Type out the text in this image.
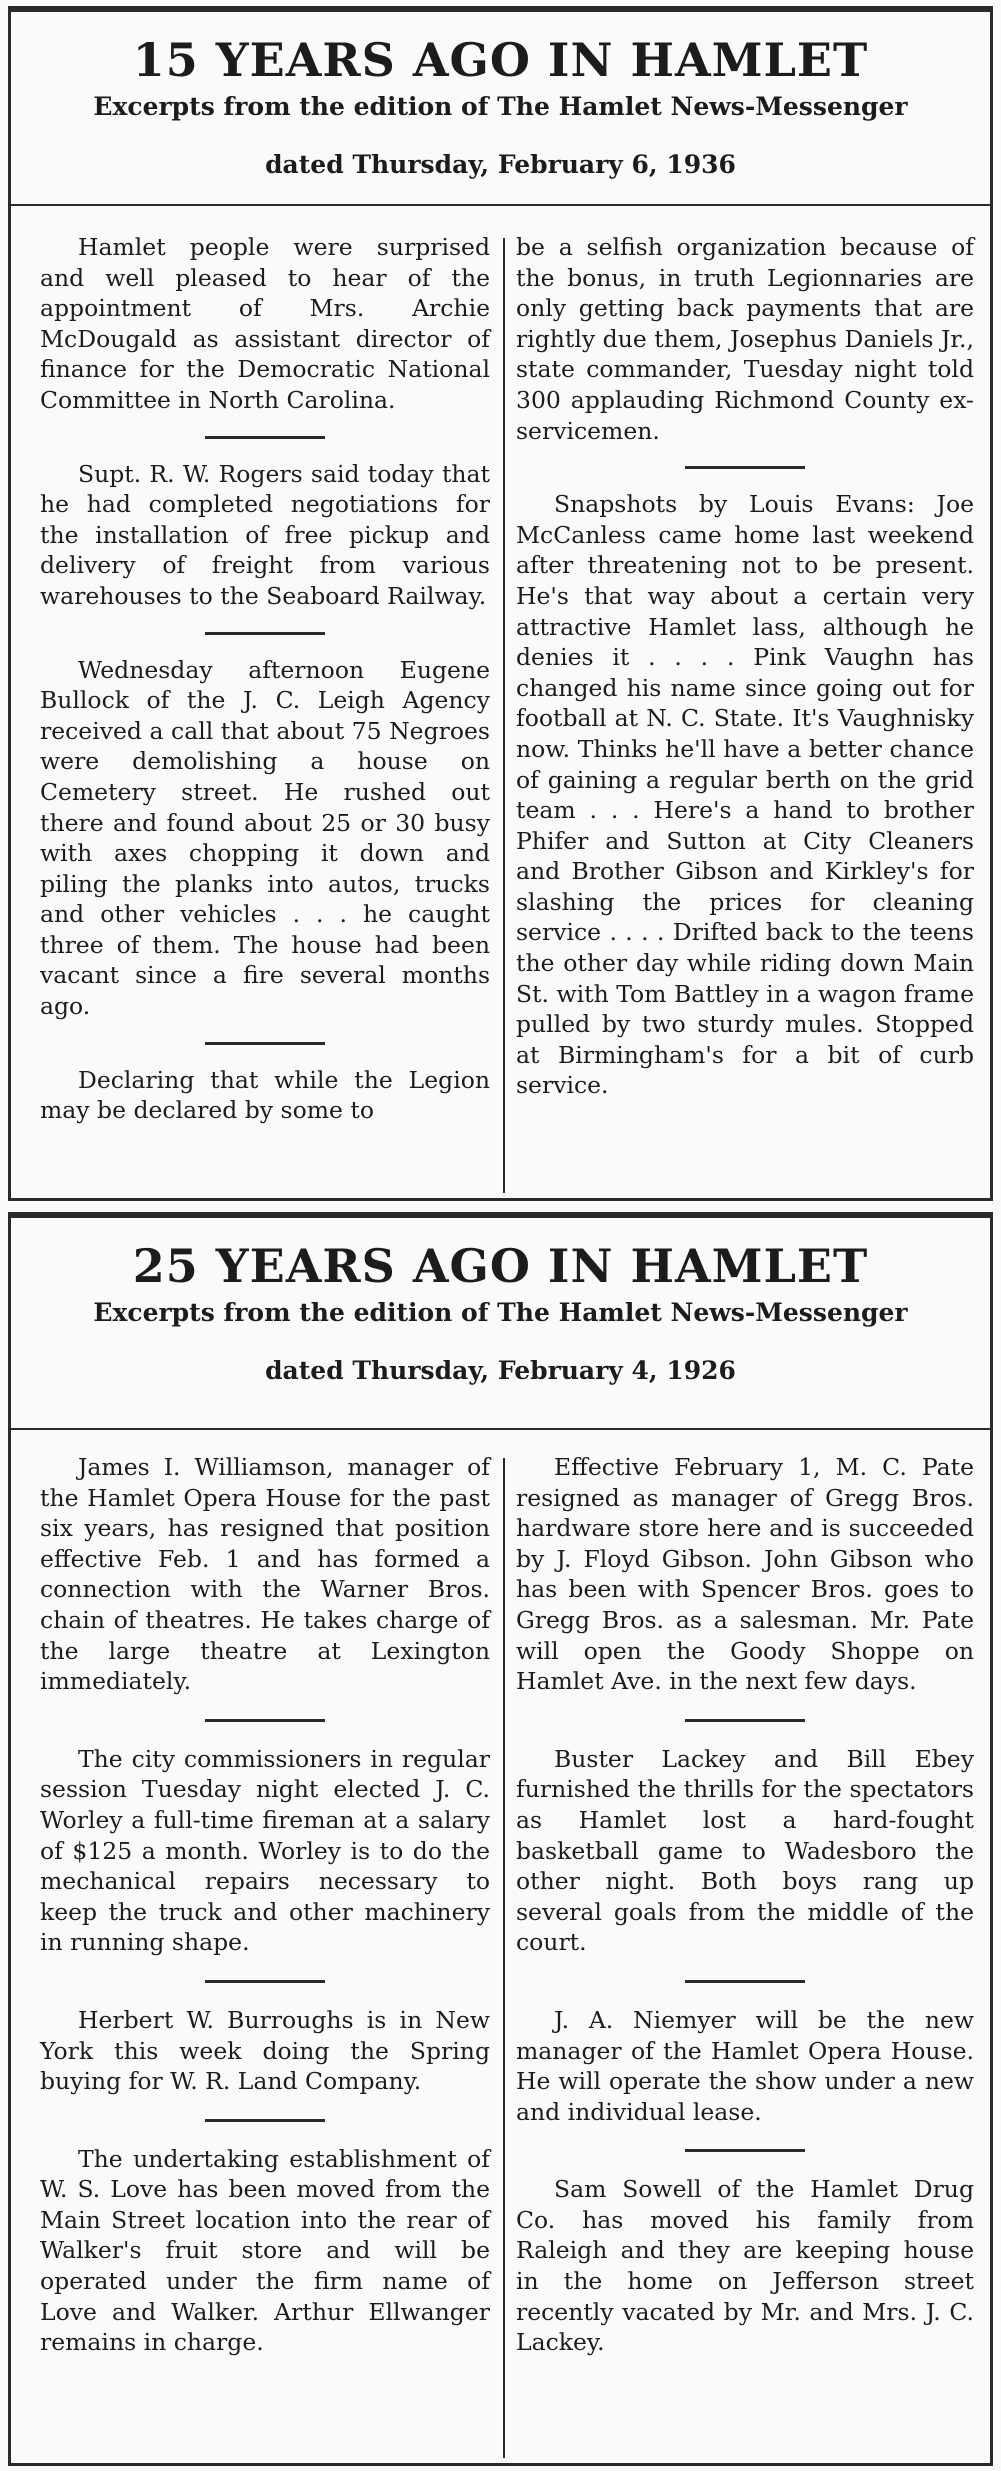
15 YEARS AGO IN HAMLET
Excerpts from the edition of The Hamlet News-Messenger
dated Thursday, February 6, 1936

Hamlet people were surprised and well pleased to hear of the appointment of Mrs. Archie McDougald as assistant director of finance for the Democratic National Committee in North Carolina.

Supt. R. W. Rogers said today that he had completed negotiations for the installation of free pickup and delivery of freight from various warehouses to the Seaboard Railway.

Wednesday afternoon Eugene Bullock of the J. C. Leigh Agency received a call that about 75 Negroes were demolishing a house on Cemetery street. He rushed out there and found about 25 or 30 busy with axes chopping it down and piling the planks into autos, trucks and other vehicles . . . he caught three of them. The house had been vacant since a fire several months ago.

Declaring that while the Legion may be declared by some to

be a selfish organization because of the bonus, in truth Legionnaries are only getting back payments that are rightly due them, Josephus Daniels Jr., state commander, Tuesday night told 300 applauding Richmond County ex-servicemen.

Snapshots by Louis Evans: Joe McCanless came home last weekend after threatening not to be present. He's that way about a certain very attractive Hamlet lass, although he denies it . . . . Pink Vaughn has changed his name since going out for football at N. C. State. It's Vaughnisky now. Thinks he'll have a better chance of gaining a regular berth on the grid team . . . Here's a hand to brother Phifer and Sutton at City Cleaners and Brother Gibson and Kirkley's for slashing the prices for cleaning service . . . . Drifted back to the teens the other day while riding down Main St. with Tom Battley in a wagon frame pulled by two sturdy mules. Stopped at Birmingham's for a bit of curb service.

25 YEARS AGO IN HAMLET
Excerpts from the edition of The Hamlet News-Messenger
dated Thursday, February 4, 1926

James I. Williamson, manager of the Hamlet Opera House for the past six years, has resigned that position effective Feb. 1 and has formed a connection with the Warner Bros. chain of theatres. He takes charge of the large theatre at Lexington immediately.

The city commissioners in regular session Tuesday night elected J. C. Worley a full-time fireman at a salary of $125 a month. Worley is to do the mechanical repairs necessary to keep the truck and other machinery in running shape.

Herbert W. Burroughs is in New York this week doing the Spring buying for W. R. Land Company.

The undertaking establishment of W. S. Love has been moved from the Main Street location into the rear of Walker's fruit store and will be operated under the firm name of Love and Walker. Arthur Ellwanger remains in charge.

Effective February 1, M. C. Pate resigned as manager of Gregg Bros. hardware store here and is succeeded by J. Floyd Gibson. John Gibson who has been with Spencer Bros. goes to Gregg Bros. as a salesman. Mr. Pate will open the Goody Shoppe on Hamlet Ave. in the next few days.

Buster Lackey and Bill Ebey furnished the thrills for the spectators as Hamlet lost a hard-fought basketball game to Wadesboro the other night. Both boys rang up several goals from the middle of the court.

J. A. Niemyer will be the new manager of the Hamlet Opera House. He will operate the show under a new and individual lease.

Sam Sowell of the Hamlet Drug Co. has moved his family from Raleigh and they are keeping house in the home on Jefferson street recently vacated by Mr. and Mrs. J. C. Lackey.
